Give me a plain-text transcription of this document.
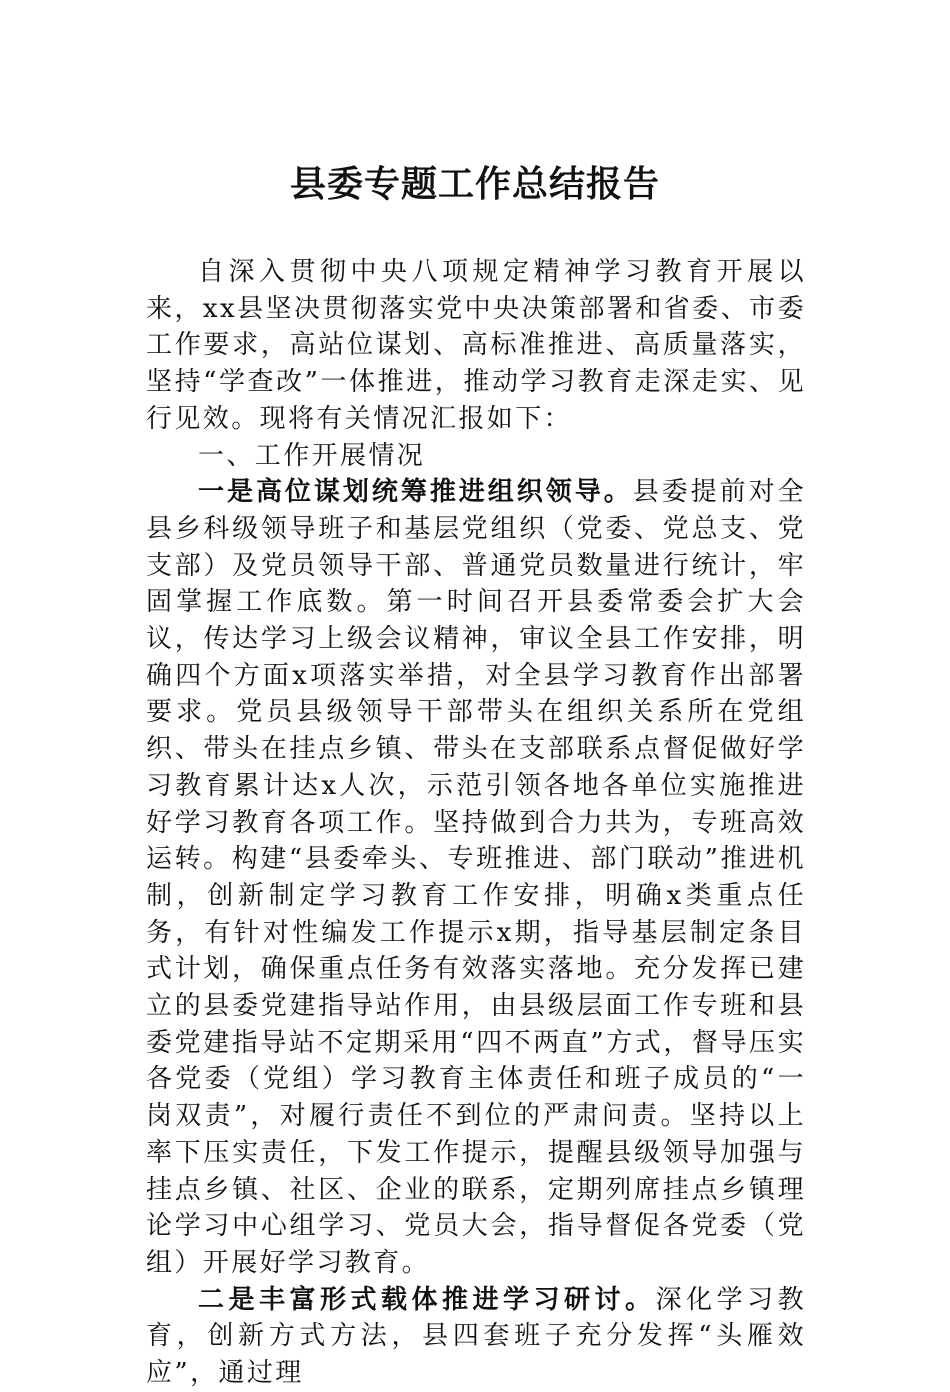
县委专题工作总结报告

自深入贯彻中央八项规定精神学习教育开展以来，xx县坚决贯彻落实党中央决策部署和省委、市委工作要求，高站位谋划、高标准推进、高质量落实，坚持“学查改”一体推进，推动学习教育走深走实、见行见效。现将有关情况汇报如下：

一、工作开展情况

一是高位谋划统筹推进组织领导。县委提前对全县乡科级领导班子和基层党组织（党委、党总支、党支部）及党员领导干部、普通党员数量进行统计，牢固掌握工作底数。第一时间召开县委常委会扩大会议，传达学习上级会议精神，审议全县工作安排，明确四个方面x项落实举措，对全县学习教育作出部署要求。党员县级领导干部带头在组织关系所在党组织、带头在挂点乡镇、带头在支部联系点督促做好学习教育累计达x人次，示范引领各地各单位实施推进好学习教育各项工作。坚持做到合力共为，专班高效运转。构建“县委牵头、专班推进、部门联动”推进机制，创新制定学习教育工作安排，明确x类重点任务，有针对性编发工作提示x期，指导基层制定条目式计划，确保重点任务有效落实落地。充分发挥已建立的县委党建指导站作用，由县级层面工作专班和县委党建指导站不定期采用“四不两直”方式，督导压实各党委（党组）学习教育主体责任和班子成员的“一岗双责”，对履行责任不到位的严肃问责。坚持以上率下压实责任，下发工作提示，提醒县级领导加强与挂点乡镇、社区、企业的联系，定期列席挂点乡镇理论学习中心组学习、党员大会，指导督促各党委（党组）开展好学习教育。

二是丰富形式载体推进学习研讨。深化学习教育，创新方式方法，县四套班子充分发挥“头雁效应”，通过理
